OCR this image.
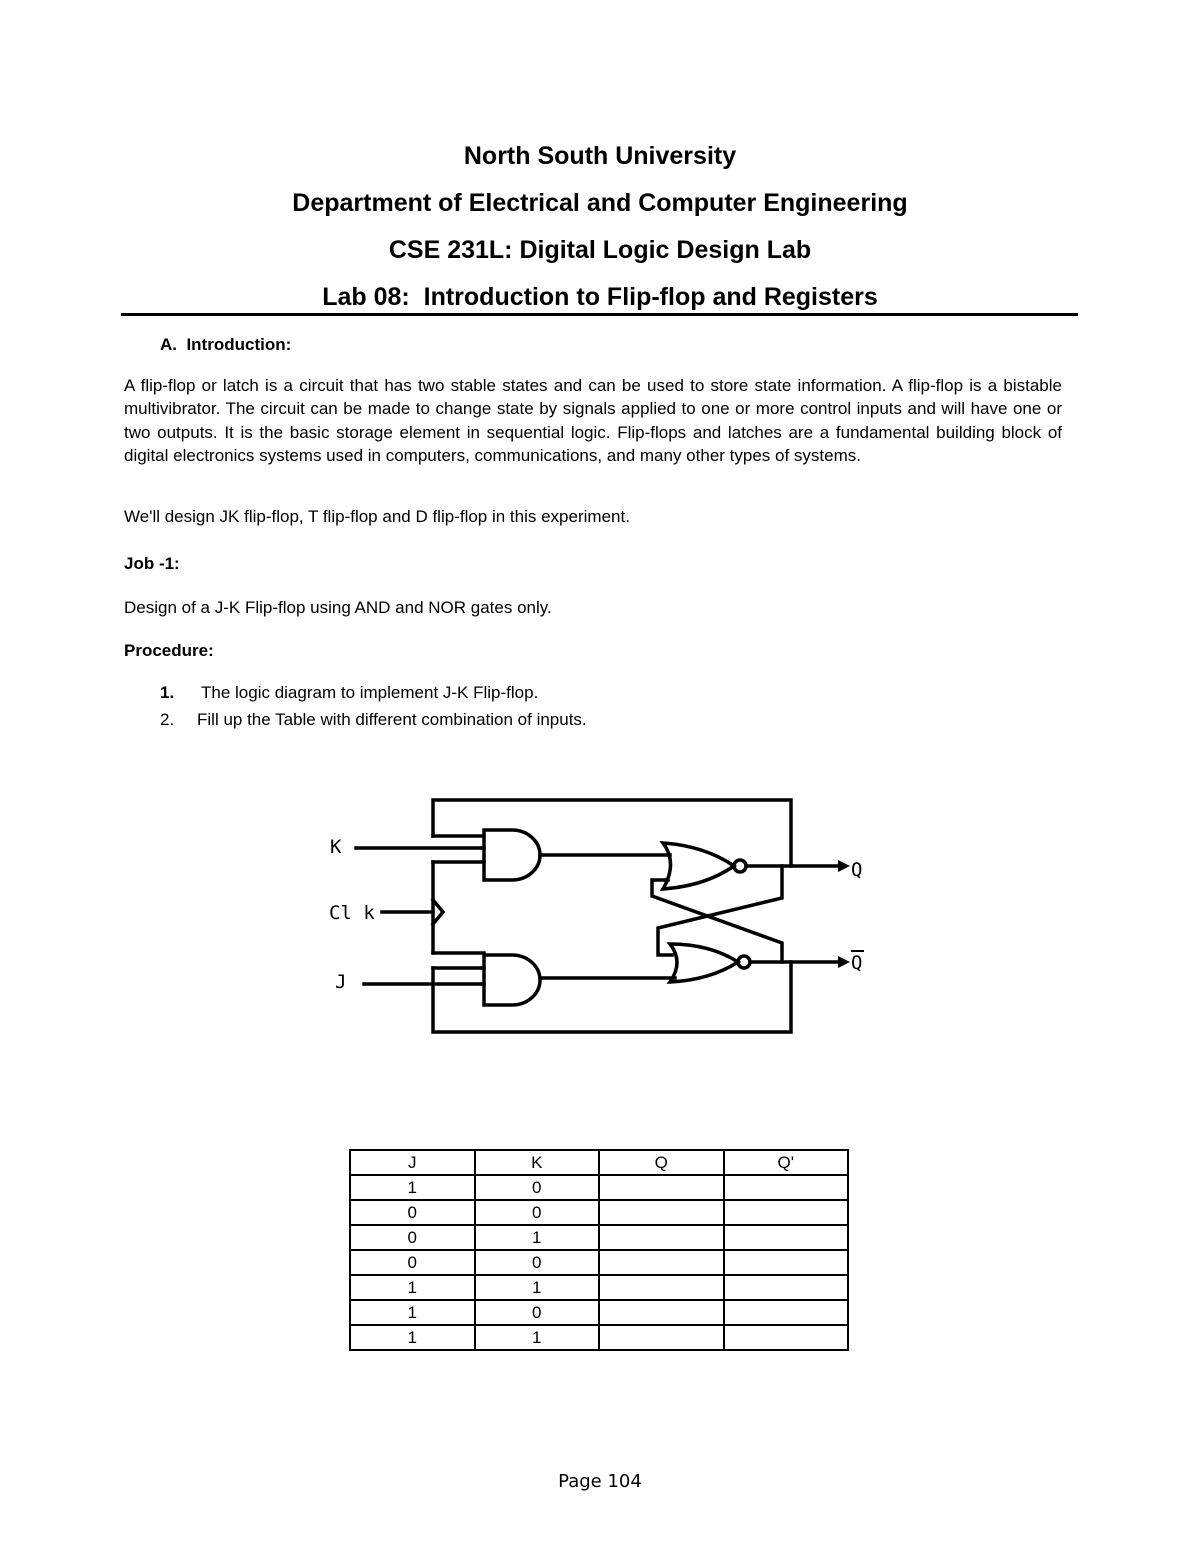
North South University
Department of Electrical and Computer Engineering
CSE 231L: Digital Logic Design Lab
Lab 08:  Introduction to Flip-flop and Registers
A.  Introduction:
A flip-flop or latch is a circuit that has two stable states and can be used to store state information. A flip-flop is a bistable multivibrator. The circuit can be made to change state by signals applied to one or more control inputs and will have one or two outputs. It is the basic storage element in sequential logic. Flip-flops and latches are a fundamental building block of digital electronics systems used in computers, communications, and many other types of systems.
We'll design JK flip-flop, T flip-flop and D flip-flop in this experiment.
Job -1:
Design of a J-K Flip-flop using AND and NOR gates only.
Procedure:
1. The logic diagram to implement J-K Flip-flop.
2. Fill up the Table with different combination of inputs.
K
Cl k
J
Q
Q
J	K	Q	Q'
1	0		
0	0		
0	1		
0	0		
1	1		
1	0		
1	1		
Page 104
